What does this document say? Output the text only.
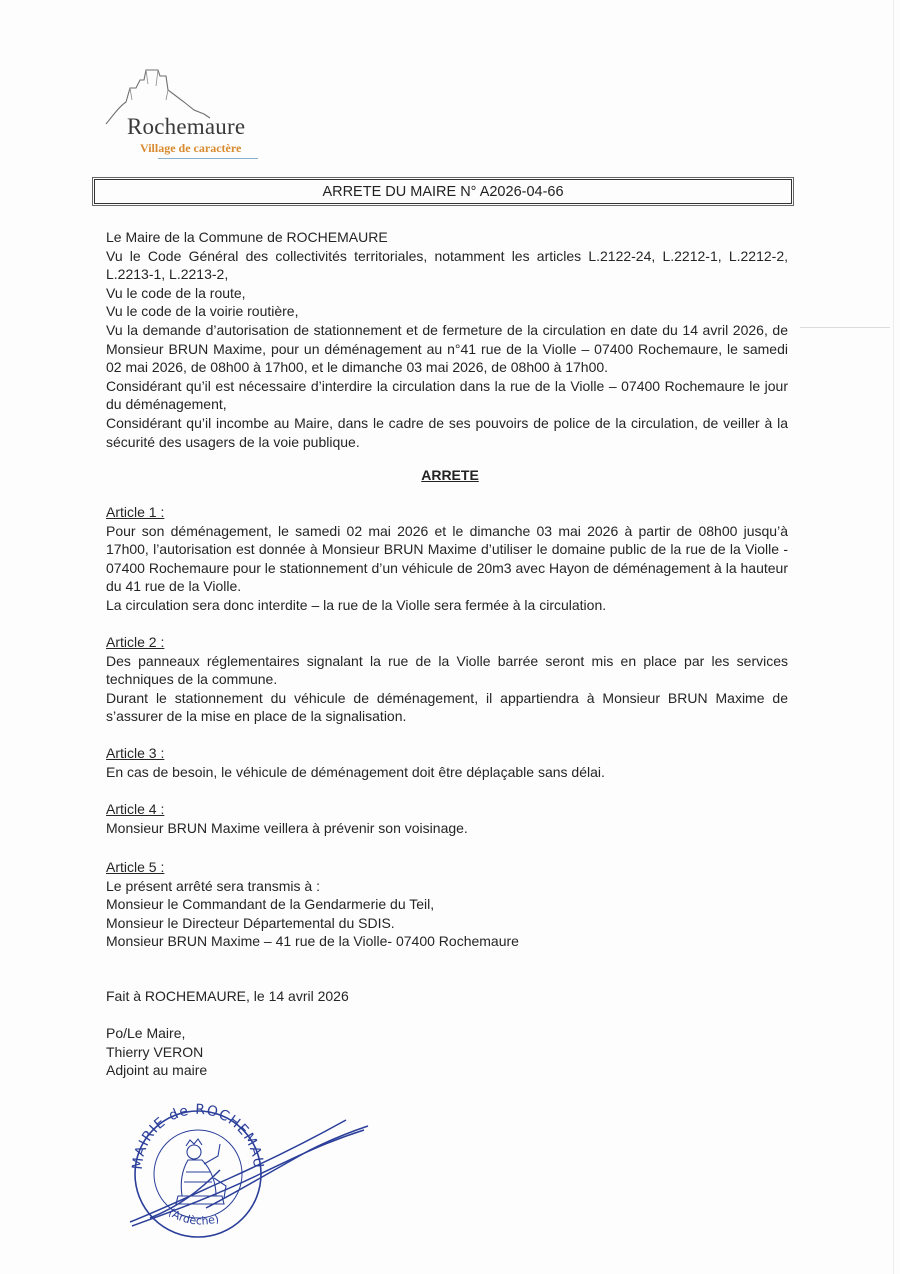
Rochemaure
Village de caractère
ARRETE DU MAIRE N° A2026-04-66

Le Maire de la Commune de ROCHEMAURE

Vu le Code Général des collectivités territoriales, notamment les articles L.2122-24, L.2212-1, L.2212-2, L.2213-1, L.2213-2,

Vu le code de la route,

Vu le code de la voirie routière,

Vu la demande d’autorisation de stationnement et de fermeture de la circulation en date du 14 avril 2026, de Monsieur BRUN Maxime, pour un déménagement au n°41 rue de la Violle – 07400 Rochemaure, le samedi 02 mai 2026, de 08h00 à 17h00, et le dimanche 03 mai 2026, de 08h00 à 17h00.

Considérant qu’il est nécessaire d’interdire la circulation dans la rue de la Violle – 07400 Rochemaure le jour du déménagement,

Considérant qu’il incombe au Maire, dans le cadre de ses pouvoirs de police de la circulation, de veiller à la sécurité des usagers de la voie publique.

ARRETE
Article 1 :

Pour son déménagement, le samedi 02 mai 2026 et le dimanche 03 mai 2026 à partir de 08h00 jusqu’à 17h00, l’autorisation est donnée à Monsieur BRUN Maxime d’utiliser le domaine public de la rue de la Violle - 07400 Rochemaure pour le stationnement d’un véhicule de 20m3 avec Hayon de déménagement à la hauteur du 41 rue de la Violle.

La circulation sera donc interdite – la rue de la Violle sera fermée à la circulation.

Article 2 :

Des panneaux réglementaires signalant la rue de la Violle barrée seront mis en place par les services techniques de la commune.

Durant le stationnement du véhicule de déménagement, il appartiendra à Monsieur BRUN Maxime de s’assurer de la mise en place de la signalisation.

Article 3 :

En cas de besoin, le véhicule de déménagement doit être déplaçable sans délai.

Article 4 :

Monsieur BRUN Maxime veillera à prévenir son voisinage.

Article 5 :

Le présent arrêté sera transmis à :

Monsieur le Commandant de la Gendarmerie du Teil,

Monsieur le Directeur Départemental du SDIS.

Monsieur BRUN Maxime – 41 rue de la Violle- 07400 Rochemaure

Fait à ROCHEMAURE, le 14 avril 2026
Po/Le Maire,
Thierry VERON
Adjoint au maire
MAIRIE de ROCHEMAU
(Ardèche)
